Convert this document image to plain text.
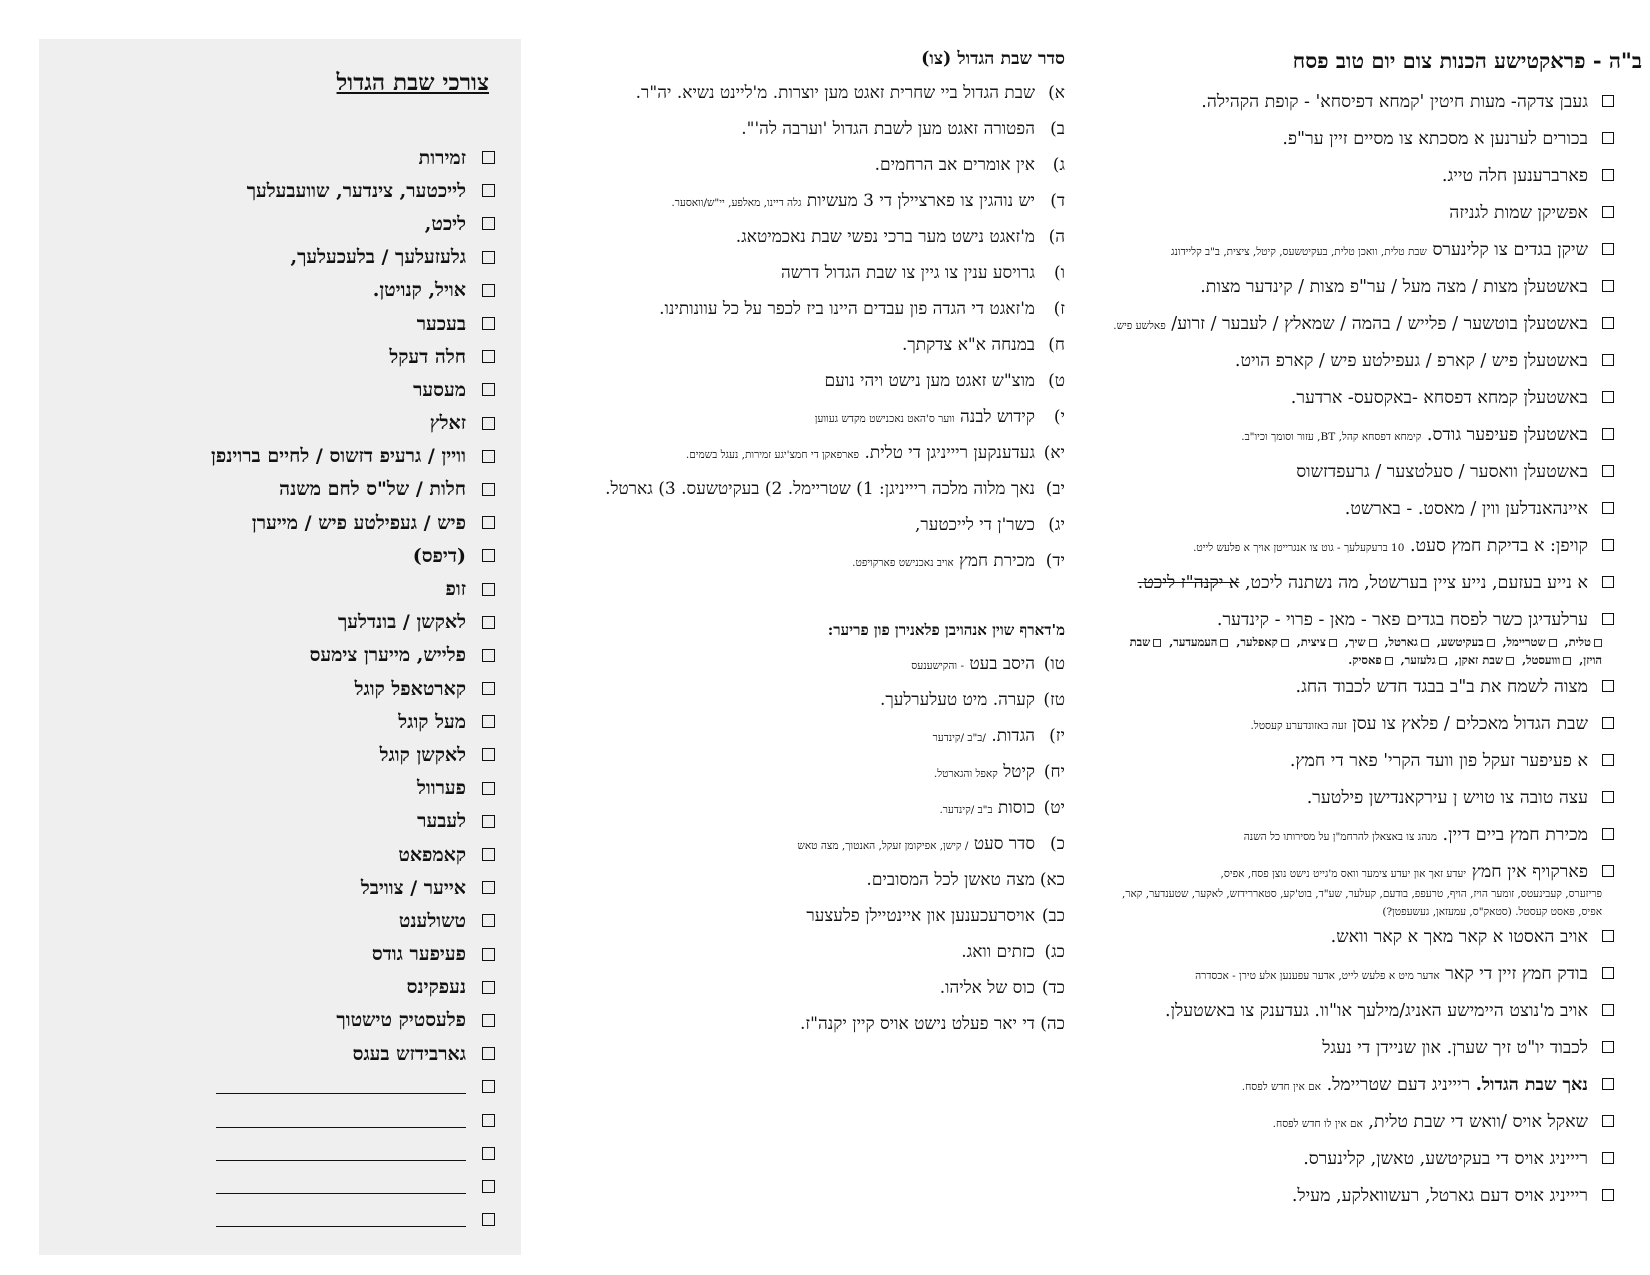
ב"ה - פראקטישע הכנות צום יום טוב פסח
געבן צדקה- מעות חיטין 'קמחא דפיסחא' - קופת הקהילה.
בכורים לערנען א מסכתא צו מסיים זיין ער"פ.
פארברענען חלה טייג.
אפשיקן שמות לגניזה
שיקן בגדים צו קלינערס שבת טלית, וואכן טלית, בעקיטשעס, קיטל, ציצית, ב"ב קליידונג
באשטעלן מצות / מצה מעל / ער"פ מצות / קינדער מצות.
באשטעלן בוטשער / פלייש / בהמה / שמאלץ / לעבער / זרוע/ פאלשע פיש.
באשטעלן פיש / קארפ / געפילטע פיש / קארפ הויט.
באשטעלן קמחא דפסחא -באקסעס- ארדער.
באשטעלן פעיפער גודס. קימחא דפסחא קהל, BT, עזור וסומך וכיו"ב.
באשטעלן וואסער / סעלטצער / גרעפדזשוס
איינהאנדלען ווין / מאסט. - בארשט.
קויפן: א בדיקת חמץ סעט. 10 ברעקעלעך - גוט צו אנגרייטן אויך א פלעש לייט.
א נייע בעזעם, נייע ציין בערשטל, מה נשתנה ליכט, א יקנה"ז ליכט.
ערלעדיגן כשר לפסח בגדים פאר - מאן - פרוי - קינדער.
טלית,שטריימל,בעקיטשע,גארטל,שיך,ציצית,קאפלער,העמעדער,שבת הויזן,ווועסטל,שבת זאקן,גלעזער,פאסיק.
מצוה לשמח את ב"ב בבגד חדש לכבוד החג.
שבת הגדול מאכלים / פלאץ צו עסן זעה באזונדערע קעסטל.
א פעיפער זעקל פון וועד הקרי' פאר די חמץ.
עצה טובה צו טויש ן עירקאנדישן פילטער.
מכירת חמץ ביים דיין. מנהג צו באצאלן להרחמ"ן על מסירותו כל השנה
פארקויף אין חמץ יעדע זאך און יעדע צימער וואס מ'גייט נישט נוצן פסח, אפיס,
פריזערס, קעבינעטס, זומער הויז, הויף, טרעפפ, בודעם, קעלער, שע"ד, בוט'קע, סטאררידזש, לאקער, שטענדער, קאר, אפיס, פאסט קעסטל. (סטאק"ס, עמעזאן, געשעפטן?)
אויב האסטו א קאר מאך א קאר וואש.
בודק חמץ זיין די קאר אדער מיט א פלעש לייט, אדער עפענען אלע טירן - אכסדרה
אויב מ'נוצט היימישע האניג/מילעך או"וו. געדענק צו באשטעלן.
לכבוד יו"ט זיך שערן. און שניידן די נעגל
נאך שבת הגדול. ריייניג דעם שטריימל. אם אין חדש לפסח.
שאקל אויס /וואש די שבת טלית, אם אין לו חדש לפסח.
ריייניג אויס די בעקיטשע, טאשן, קלינערס.
ריייניג אויס דעם גארטל, רעשוואלקע, מעיל.
סדר שבת הגדול (צו)
א)
שבת הגדול ביי שחרית זאגט מען יוצרות. מ'ליינט נשיא. יה"ר.
ב)
הפטורה זאגט מען לשבת הגדול 'וערבה לה'".
ג)
אין אומרים אב הרחמים.
ד)
יש נוהגין צו פארציילן די 3 מעשיות גלה דיינו, מאלפע, יי"ש/וואסער.
ה)
מ'זאגט נישט מער ברכי נפשי שבת נאכמיטאג.
ו)
גרויסע ענין צו גיין צו שבת הגדול דרשה
ז)
מ'זאגט די הגדה פון עבדים היינו ביז לכפר על כל עוונותינו.
ח)
במנחה א"א צדקתך.
ט)
מוצ"ש זאגט מען נישט ויהי נועם
י)
קידוש לבנה ווער ס'האט נאכנישט מקדש געווען
יא)
געדענקען ריייניגן די טלית. פארפאקן די חמצ'יגע זמירות, נעגל בשמים.
יב)
נאך מלוה מלכה ריייניגן: 1) שטריימל. 2) בעקיטשעס. 3) גארטל.
יג)
כשר'ן די לייכטער,
יד)
מכירת חמץ אויב נאכנישט פארקויפט.
מ'דארף שוין אנהויבן פלאנירן פון פריער:
טו)
היסב בעט - והקישענעס
טז)
קערה. מיט טעלערלעך.
יז)
הגדות. /ב"ב /קינדער
יח)
קיטל קאפל והגארטל.
יט)
כוסות ב"ב /קינדער.
כ)
סדר סעט / קישן, אפיקומן זעקל, האנטוך, מצה טאש
כא)
מצה טאשן לכל המסובים.
כב)
אויסרעכענען און איינטיילן פלעצער
כג)
כזתים וואג.
כד)
כוס של אליהו.
כה)
די יאר פעלט נישט אויס קיין יקנה"ז.
צורכי שבת הגדול
זמירות
לייכטער, צינדער, שוועבעלעך
ליכט,
גלעזעלעך / בלעכעלעך,
אויל, קנויטן.
בעכער
חלה דעקל
מעסער
זאלץ
וויין / גרעיפ דזשוס / לחיים ברוינפן
חלות / של"ס לחם משנה
פיש / געפילטע פיש / מייערן
(דיפס)
זופ
לאקשן / בונדלעך
פלייש, מייערן צימעס
קארטאפל קוגל
מעל קוגל
לאקשן קוגל
פערוול
לעבער
קאמפאט
אייער / צוויבל
טשולענט
פעיפער גודס
נעפקינס
פלעסטיק טישטוך
גארבידזש בעגס
